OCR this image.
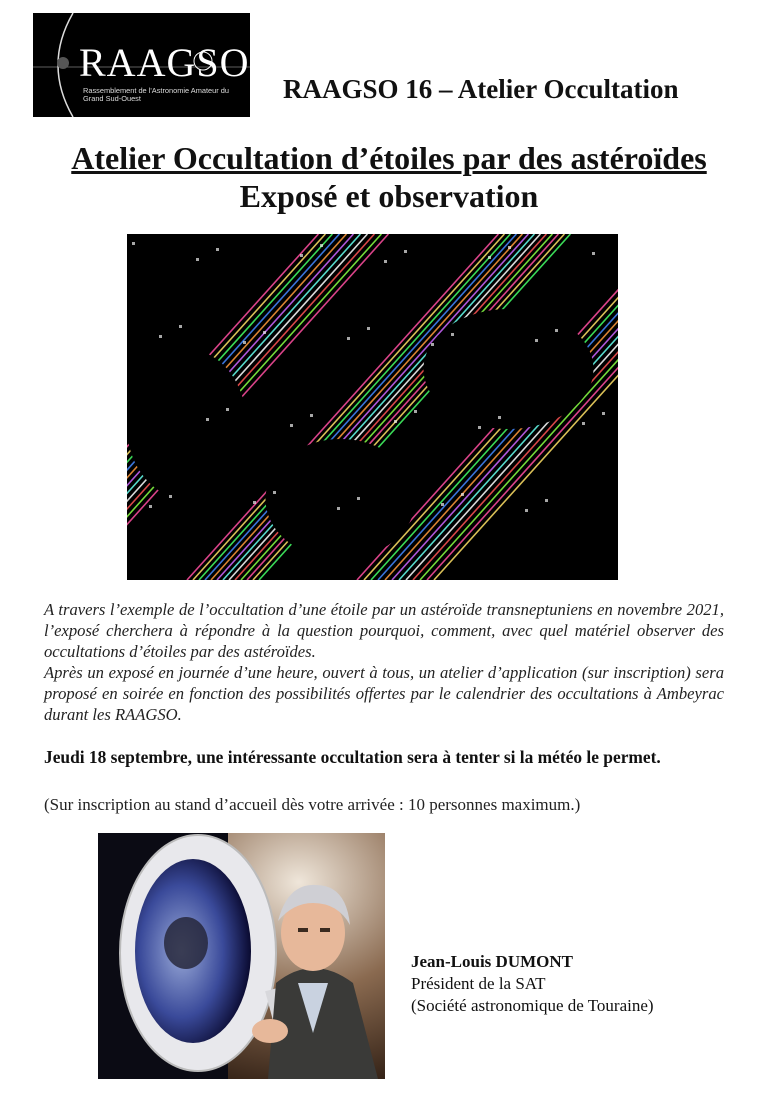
RAAGSO
Rassemblement de l'Astronomie Amateur du Grand Sud-Ouest	RAAGSO 16 – Atelier Occultation
Atelier Occultation d’étoiles par des astéroïdes
Exposé et observation

A travers l’exemple de l’occultation d’une étoile par un astéroïde transneptuniens en novembre 2021, l’exposé cherchera à répondre à la question pourquoi, comment, avec quel matériel observer des occultations d’étoiles par des astéroïdes.

Après un exposé en journée d’une heure, ouvert à tous, un atelier d’application (sur inscription) sera proposé en soirée en fonction des possibilités offertes par le calendrier des occultations à Ambeyrac durant les RAAGSO.

Jeudi 18 septembre, une intéressante occultation sera à tenter si la météo le permet.
(Sur inscription au stand d’accueil dès votre arrivée : 10 personnes maximum.)
Jean-Louis DUMONT
Président de la SAT
(Société astronomique de Touraine)
